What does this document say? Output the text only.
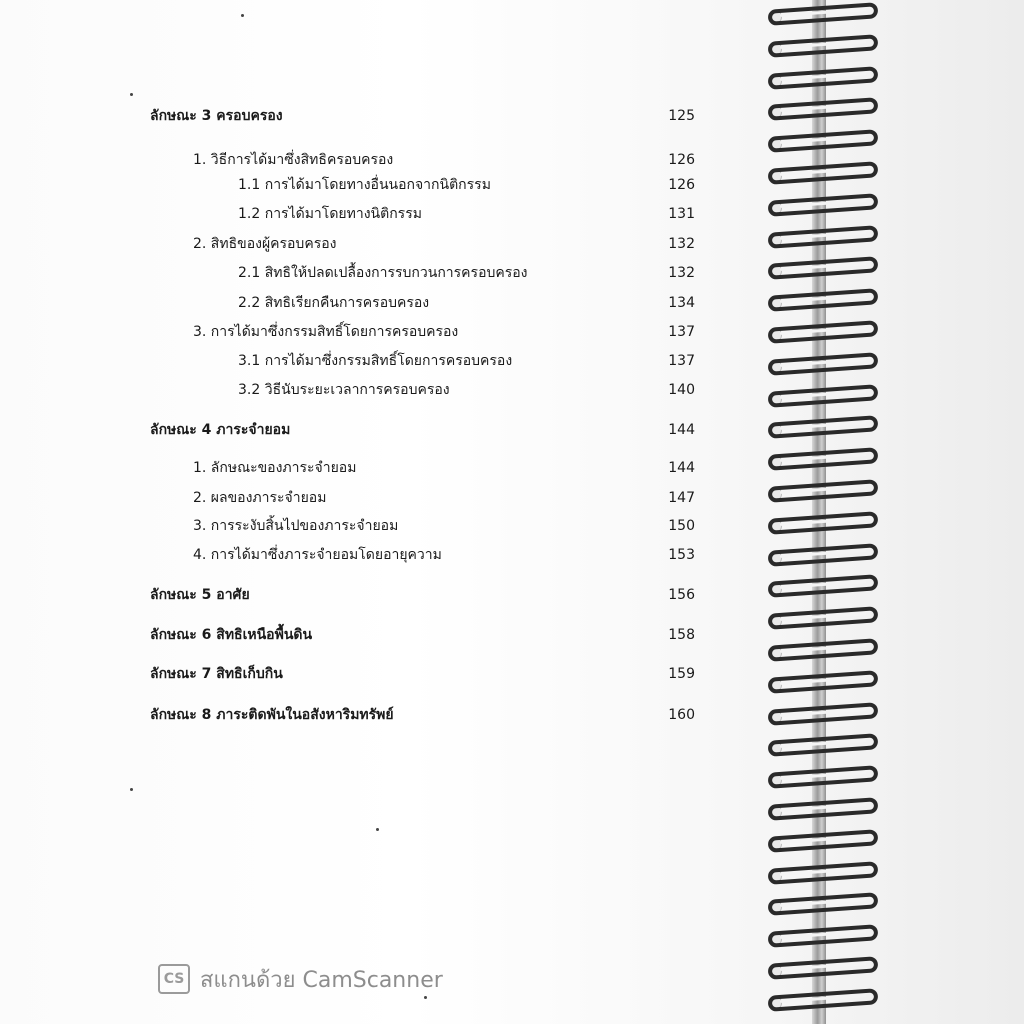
ลักษณะ 3 ครอบครอง	125
1. วิธีการได้มาซึ่งสิทธิครอบครอง	126
1.1 การได้มาโดยทางอื่นนอกจากนิติกรรม	126
1.2 การได้มาโดยทางนิติกรรม	131
2. สิทธิของผู้ครอบครอง	132
2.1 สิทธิให้ปลดเปลื้องการรบกวนการครอบครอง	132
2.2 สิทธิเรียกคืนการครอบครอง	134
3. การได้มาซึ่งกรรมสิทธิ์โดยการครอบครอง	137
3.1 การได้มาซึ่งกรรมสิทธิ์โดยการครอบครอง	137
3.2 วิธีนับระยะเวลาการครอบครอง	140
ลักษณะ 4 ภาระจำยอม	144
1. ลักษณะของภาระจำยอม	144
2. ผลของภาระจำยอม	147
3. การระงับสิ้นไปของภาระจำยอม	150
4. การได้มาซึ่งภาระจำยอมโดยอายุความ	153
ลักษณะ 5 อาศัย	156
ลักษณะ 6 สิทธิเหนือพื้นดิน	158
ลักษณะ 7 สิทธิเก็บกิน	159
ลักษณะ 8 ภาระติดพันในอสังหาริมทรัพย์	160
CS สแกนด้วย CamScanner
